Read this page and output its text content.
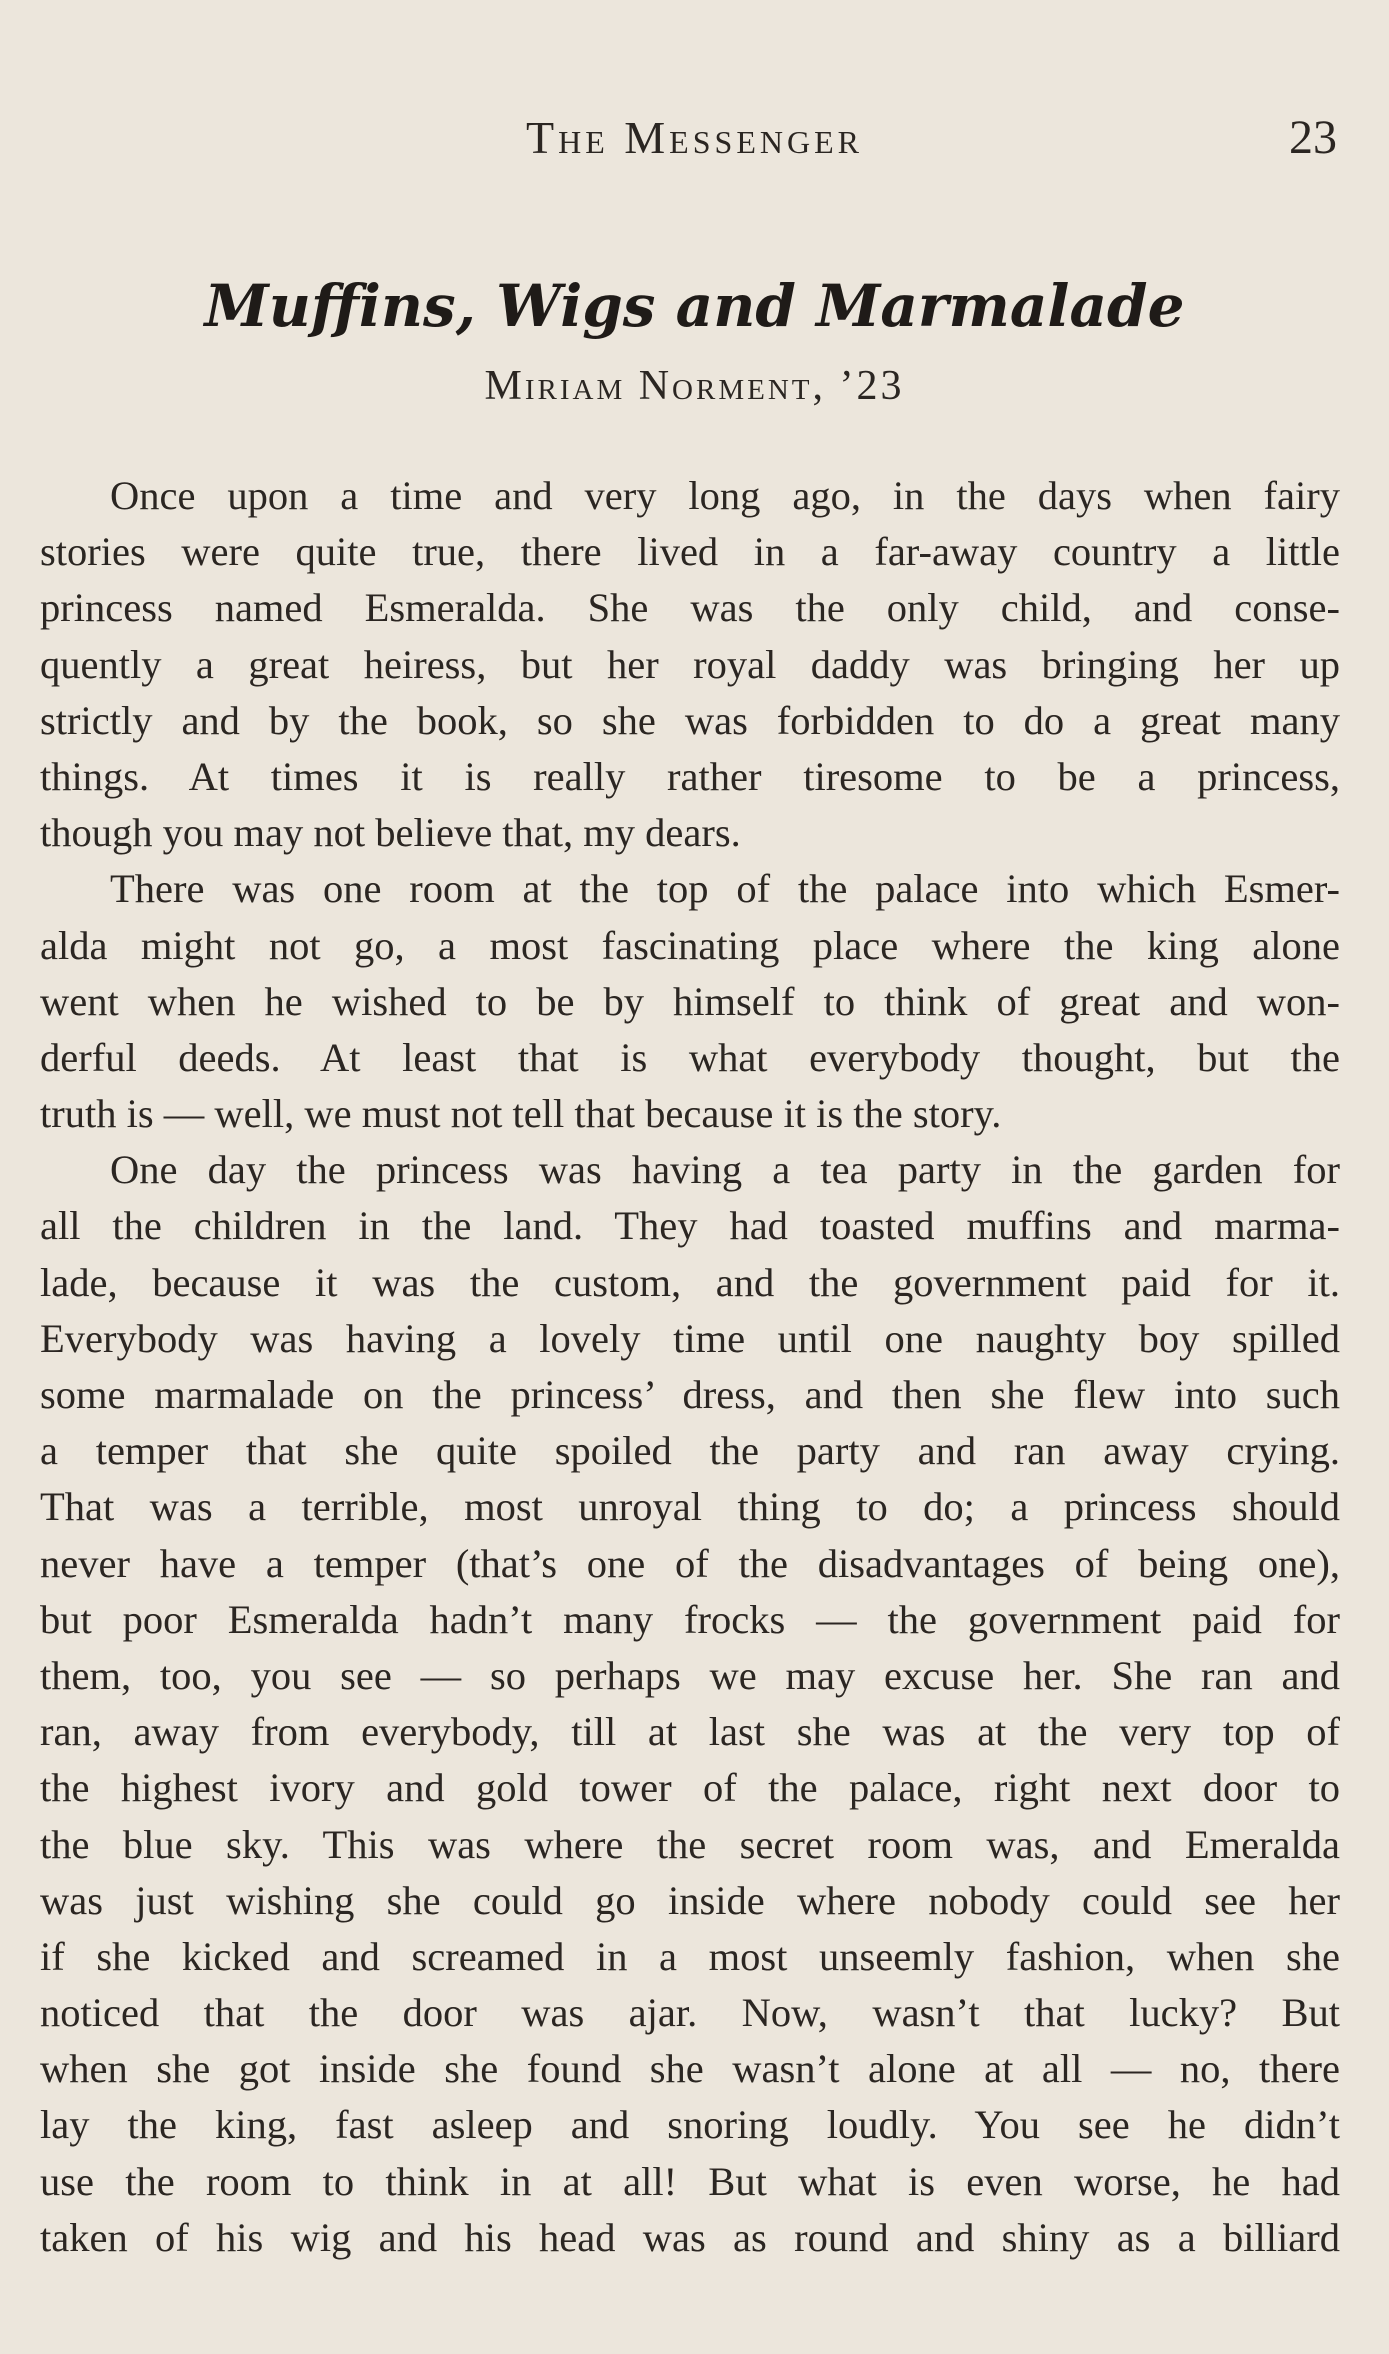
The Messenger	23
Muffins, Wigs and Marmalade
Miriam Norment, ’23
Once upon a time and very long ago, in the days when fairy
stories were quite true, there lived in a far-away country a little
princess named Esmeralda. She was the only child, and conse-
quently a great heiress, but her royal daddy was bringing her up
strictly and by the book, so she was forbidden to do a great many
things. At times it is really rather tiresome to be a princess,
though you may not believe that, my dears.
There was one room at the top of the palace into which Esmer-
alda might not go, a most fascinating place where the king alone
went when he wished to be by himself to think of great and won-
derful deeds. At least that is what everybody thought, but the
truth is — well, we must not tell that because it is the story.
One day the princess was having a tea party in the garden for
all the children in the land. They had toasted muffins and marma-
lade, because it was the custom, and the government paid for it.
Everybody was having a lovely time until one naughty boy spilled
some marmalade on the princess’ dress, and then she flew into such
a temper that she quite spoiled the party and ran away crying.
That was a terrible, most unroyal thing to do; a princess should
never have a temper (that’s one of the disadvantages of being one),
but poor Esmeralda hadn’t many frocks — the government paid for
them, too, you see — so perhaps we may excuse her. She ran and
ran, away from everybody, till at last she was at the very top of
the highest ivory and gold tower of the palace, right next door to
the blue sky. This was where the secret room was, and Emeralda
was just wishing she could go inside where nobody could see her
if she kicked and screamed in a most unseemly fashion, when she
noticed that the door was ajar. Now, wasn’t that lucky? But
when she got inside she found she wasn’t alone at all — no, there
lay the king, fast asleep and snoring loudly. You see he didn’t
use the room to think in at all! But what is even worse, he had
taken of his wig and his head was as round and shiny as a billiard
